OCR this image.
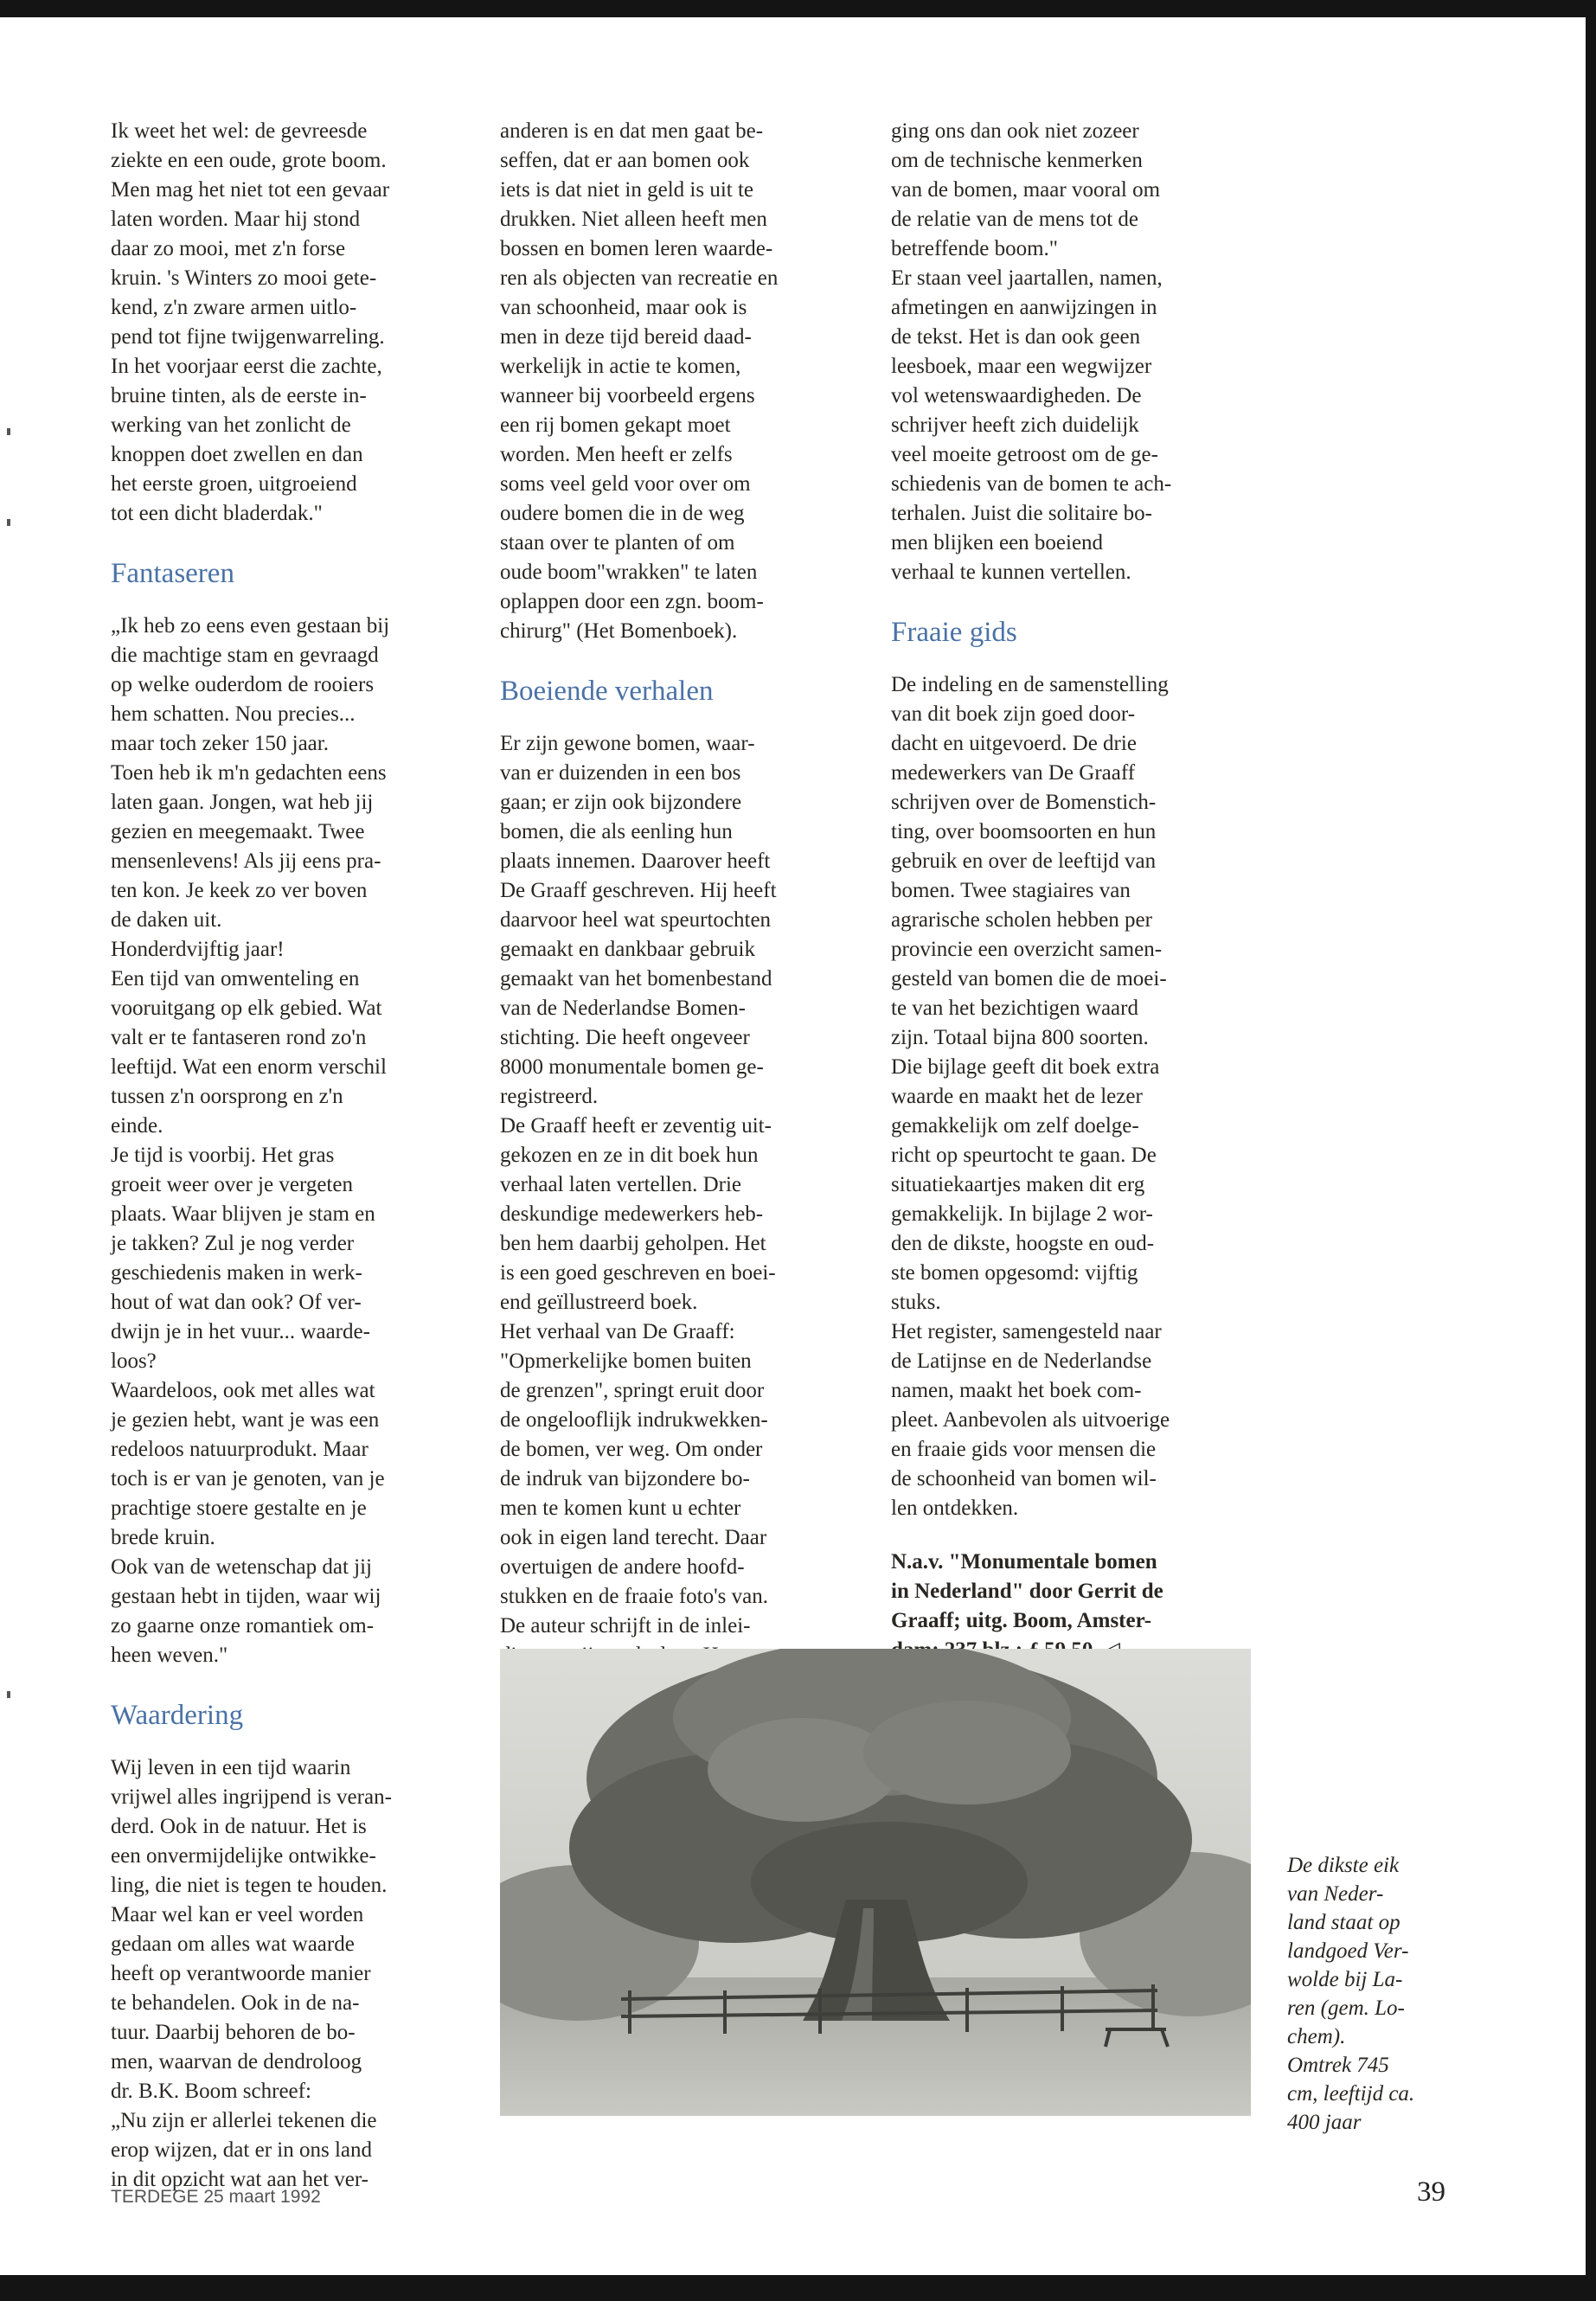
Ik weet het wel: de gevreesde
ziekte en een oude, grote boom.
Men mag het niet tot een gevaar
laten worden. Maar hij stond
daar zo mooi, met z'n forse
kruin. 's Winters zo mooi gete-
kend, z'n zware armen uitlo-
pend tot fijne twijgenwarreling.
In het voorjaar eerst die zachte,
bruine tinten, als de eerste in-
werking van het zonlicht de
knoppen doet zwellen en dan
het eerste groen, uitgroeiend
tot een dicht bladerdak."

Fantaseren

„Ik heb zo eens even gestaan bij
die machtige stam en gevraagd
op welke ouderdom de rooiers
hem schatten. Nou precies...
maar toch zeker 150 jaar.
Toen heb ik m'n gedachten eens
laten gaan. Jongen, wat heb jij
gezien en meegemaakt. Twee
mensenlevens! Als jij eens pra-
ten kon. Je keek zo ver boven
de daken uit.
Honderdvijftig jaar!
Een tijd van omwenteling en
vooruitgang op elk gebied. Wat
valt er te fantaseren rond zo'n
leeftijd. Wat een enorm verschil
tussen z'n oorsprong en z'n
einde.
Je tijd is voorbij. Het gras
groeit weer over je vergeten
plaats. Waar blijven je stam en
je takken? Zul je nog verder
geschiedenis maken in werk-
hout of wat dan ook? Of ver-
dwijn je in het vuur... waarde-
loos?
Waardeloos, ook met alles wat
je gezien hebt, want je was een
redeloos natuurprodukt. Maar
toch is er van je genoten, van je
prachtige stoere gestalte en je
brede kruin.
Ook van de wetenschap dat jij
gestaan hebt in tijden, waar wij
zo gaarne onze romantiek om-
heen weven."

Waardering

Wij leven in een tijd waarin
vrijwel alles ingrijpend is veran-
derd. Ook in de natuur. Het is
een onvermijdelijke ontwikke-
ling, die niet is tegen te houden.
Maar wel kan er veel worden
gedaan om alles wat waarde
heeft op verantwoorde manier
te behandelen. Ook in de na-
tuur. Daarbij behoren de bo-
men, waarvan de dendroloog
dr. B.K. Boom schreef:
„Nu zijn er allerlei tekenen die
erop wijzen, dat er in ons land
in dit opzicht wat aan het ver-

anderen is en dat men gaat be-
seffen, dat er aan bomen ook
iets is dat niet in geld is uit te
drukken. Niet alleen heeft men
bossen en bomen leren waarde-
ren als objecten van recreatie en
van schoonheid, maar ook is
men in deze tijd bereid daad-
werkelijk in actie te komen,
wanneer bij voorbeeld ergens
een rij bomen gekapt moet
worden. Men heeft er zelfs
soms veel geld voor over om
oudere bomen die in de weg
staan over te planten of om
oude boom"wrakken" te laten
oplappen door een zgn. boom-
chirurg" (Het Bomenboek).

Boeiende verhalen

Er zijn gewone bomen, waar-
van er duizenden in een bos
gaan; er zijn ook bijzondere
bomen, die als eenling hun
plaats innemen. Daarover heeft
De Graaff geschreven. Hij heeft
daarvoor heel wat speurtochten
gemaakt en dankbaar gebruik
gemaakt van het bomenbestand
van de Nederlandse Bomen-
stichting. Die heeft ongeveer
8000 monumentale bomen ge-
registreerd.
De Graaff heeft er zeventig uit-
gekozen en ze in dit boek hun
verhaal laten vertellen. Drie
deskundige medewerkers heb-
ben hem daarbij geholpen. Het
is een goed geschreven en boei-
end geïllustreerd boek.
Het verhaal van De Graaff:
"Opmerkelijke bomen buiten
de grenzen", springt eruit door
de ongelooflijk indrukwekken-
de bomen, ver weg. Om onder
de indruk van bijzondere bo-
men te komen kunt u echter
ook in eigen land terecht. Daar
overtuigen de andere hoofd-
stukken en de fraaie foto's van.
De auteur schrijft in de inlei-

ging ons dan ook niet zozeer
om de technische kenmerken
van de bomen, maar vooral om
de relatie van de mens tot de
betreffende boom."
Er staan veel jaartallen, namen,
afmetingen en aanwijzingen in
de tekst. Het is dan ook geen
leesboek, maar een wegwijzer
vol wetenswaardigheden. De
schrijver heeft zich duidelijk
veel moeite getroost om de ge-
schiedenis van de bomen te ach-
terhalen. Juist die solitaire bo-
men blijken een boeiend
verhaal te kunnen vertellen.

Fraaie gids

De indeling en de samenstelling
van dit boek zijn goed door-
dacht en uitgevoerd. De drie
medewerkers van De Graaff
schrijven over de Bomenstich-
ting, over boomsoorten en hun
gebruik en over de leeftijd van
bomen. Twee stagiaires van
agrarische scholen hebben per
provincie een overzicht samen-
gesteld van bomen die de moei-
te van het bezichtigen waard
zijn. Totaal bijna 800 soorten.
Die bijlage geeft dit boek extra
waarde en maakt het de lezer
gemakkelijk om zelf doelge-
richt op speurtocht te gaan. De
situatiekaartjes maken dit erg
gemakkelijk. In bijlage 2 wor-
den de dikste, hoogste en oud-
ste bomen opgesomd: vijftig
stuks.
Het register, samengesteld naar
de Latijnse en de Nederlandse
namen, maakt het boek com-
pleet. Aanbevolen als uitvoerige
en fraaie gids voor mensen die
de schoonheid van bomen wil-
len ontdekken.

N.a.v. "Monumentale bomen
in Nederland" door Gerrit de
Graaff; uitg. Boom, Amster-

De dikste eik
van Neder-
land staat op
landgoed Ver-
wolde bij La-
ren (gem. Lo-
chem).
Omtrek 745
cm, leeftijd ca.
400 jaar
TERDEGE 25 maart 1992	39
